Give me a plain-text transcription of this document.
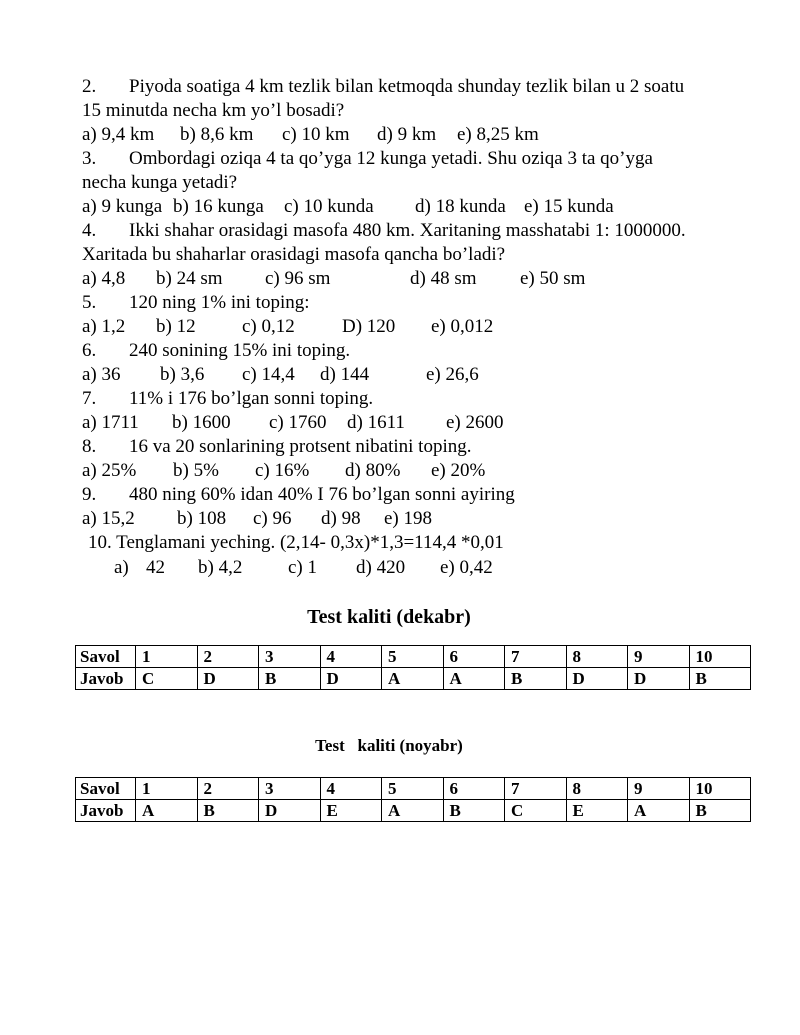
2. Piyoda soatiga 4 km tezlik bilan ketmoqda shunday tezlik bilan u 2 soatu
15 minutda necha km yo’l bosadi?
a) 9,4 km b) 8,6 km c) 10 km d) 9 km e) 8,25 km
3. Ombordagi oziqa 4 ta qo’yga 12 kunga yetadi. Shu oziqa 3 ta qo’yga
necha kunga yetadi?
a) 9 kunga b) 16 kunga c) 10 kunda d) 18 kunda e) 15 kunda
4. Ikki shahar orasidagi masofa 480 km. Xaritaning masshatabi 1: 1000000.
Xaritada bu shaharlar orasidagi masofa qancha bo’ladi?
a) 4,8 b) 24 sm c) 96 sm	d) 48 sm e) 50 sm
5. 120 ning 1% ini toping:
a) 1,2 b) 12 c) 0,12 D) 120 e) 0,012
6. 240 sonining 15% ini toping.
a) 36 b) 3,6 c) 14,4 d) 144	e) 26,6
7. 11% i 176 bo’lgan sonni toping.
a) 1711 b) 1600 c) 1760 d) 1611 e) 2600
8. 16 va 20 sonlarining protsent nibatini toping.
a) 25% b) 5% c) 16% d) 80% e) 20%
9. 480 ning 60% idan 40% I 76 bo’lgan sonni ayiring
a) 15,2 b) 108 c) 96 d) 98 e) 198
10. Tenglamani yeching. (2,14- 0,3x)*1,3=114,4 *0,01
a) 42 b) 4,2 c) 1 d) 420 e) 0,42
Test kaliti (dekabr)
Savol	1	2	3	4	5	6	7	8	9	10
Javob	C	D	B	D	A	A	B	D	D	B
Test   kaliti (noyabr)
Savol	1	2	3	4	5	6	7	8	9	10
Javob	A	B	D	E	A	B	C	E	A	B
